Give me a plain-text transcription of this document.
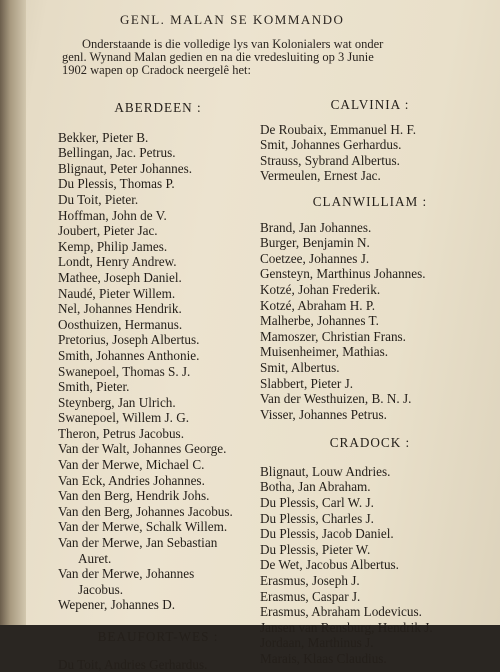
GENL. MALAN SE KOMMANDO
Onderstaande is die volledige lys van Kolonialers wat onder
genl. Wynand Malan gedien en na die vredesluiting op 3 Junie
1902 wapen op Cradock neergelê het:
ABERDEEN :
Bekker, Pieter B.
Bellingan, Jac. Petrus.
Blignaut, Peter Johannes.
Du Plessis, Thomas P.
Du Toit, Pieter.
Hoffman, John de V.
Joubert, Pieter Jac.
Kemp, Philip James.
Londt, Henry Andrew.
Mathee, Joseph Daniel.
Naudé, Pieter Willem.
Nel, Johannes Hendrik.
Oosthuizen, Hermanus.
Pretorius, Joseph Albertus.
Smith, Johannes Anthonie.
Swanepoel, Thomas S. J.
Smith, Pieter.
Steynberg, Jan Ulrich.
Swanepoel, Willem J. G.
Theron, Petrus Jacobus.
Van der Walt, Johannes George.
Van der Merwe, Michael C.
Van Eck, Andries Johannes.
Van den Berg, Hendrik Johs.
Van den Berg, Johannes Jacobus.
Van der Merwe, Schalk Willem.
Van der Merwe, Jan Sebastian
Auret.
Van der Merwe, Johannes
Jacobus.
Wepener, Johannes D.
BEAUFORT-WES :
Du Toit, Andries Gerhardus.
CALVINIA :
De Roubaix, Emmanuel H. F.
Smit, Johannes Gerhardus.
Strauss, Sybrand Albertus.
Vermeulen, Ernest Jac.
CLANWILLIAM :
Brand, Jan Johannes.
Burger, Benjamin N.
Coetzee, Johannes J.
Gensteyn, Marthinus Johannes.
Kotzé, Johan Frederik.
Kotzé, Abraham H. P.
Malherbe, Johannes T.
Mamoszer, Christian Frans.
Muisenheimer, Mathias.
Smit, Albertus.
Slabbert, Pieter J.
Van der Westhuizen, B. N. J.
Visser, Johannes Petrus.
CRADOCK :
Blignaut, Louw Andries.
Botha, Jan Abraham.
Du Plessis, Carl W. J.
Du Plessis, Charles J.
Du Plessis, Jacob Daniel.
Du Plessis, Pieter W.
De Wet, Jacobus Albertus.
Erasmus, Joseph J.
Erasmus, Caspar J.
Erasmus, Abraham Lodevicus.
Jansen van Rensburg, Hendrik J.
Jordaan, Marthinus J.
Marais, Klaas Claudius.
